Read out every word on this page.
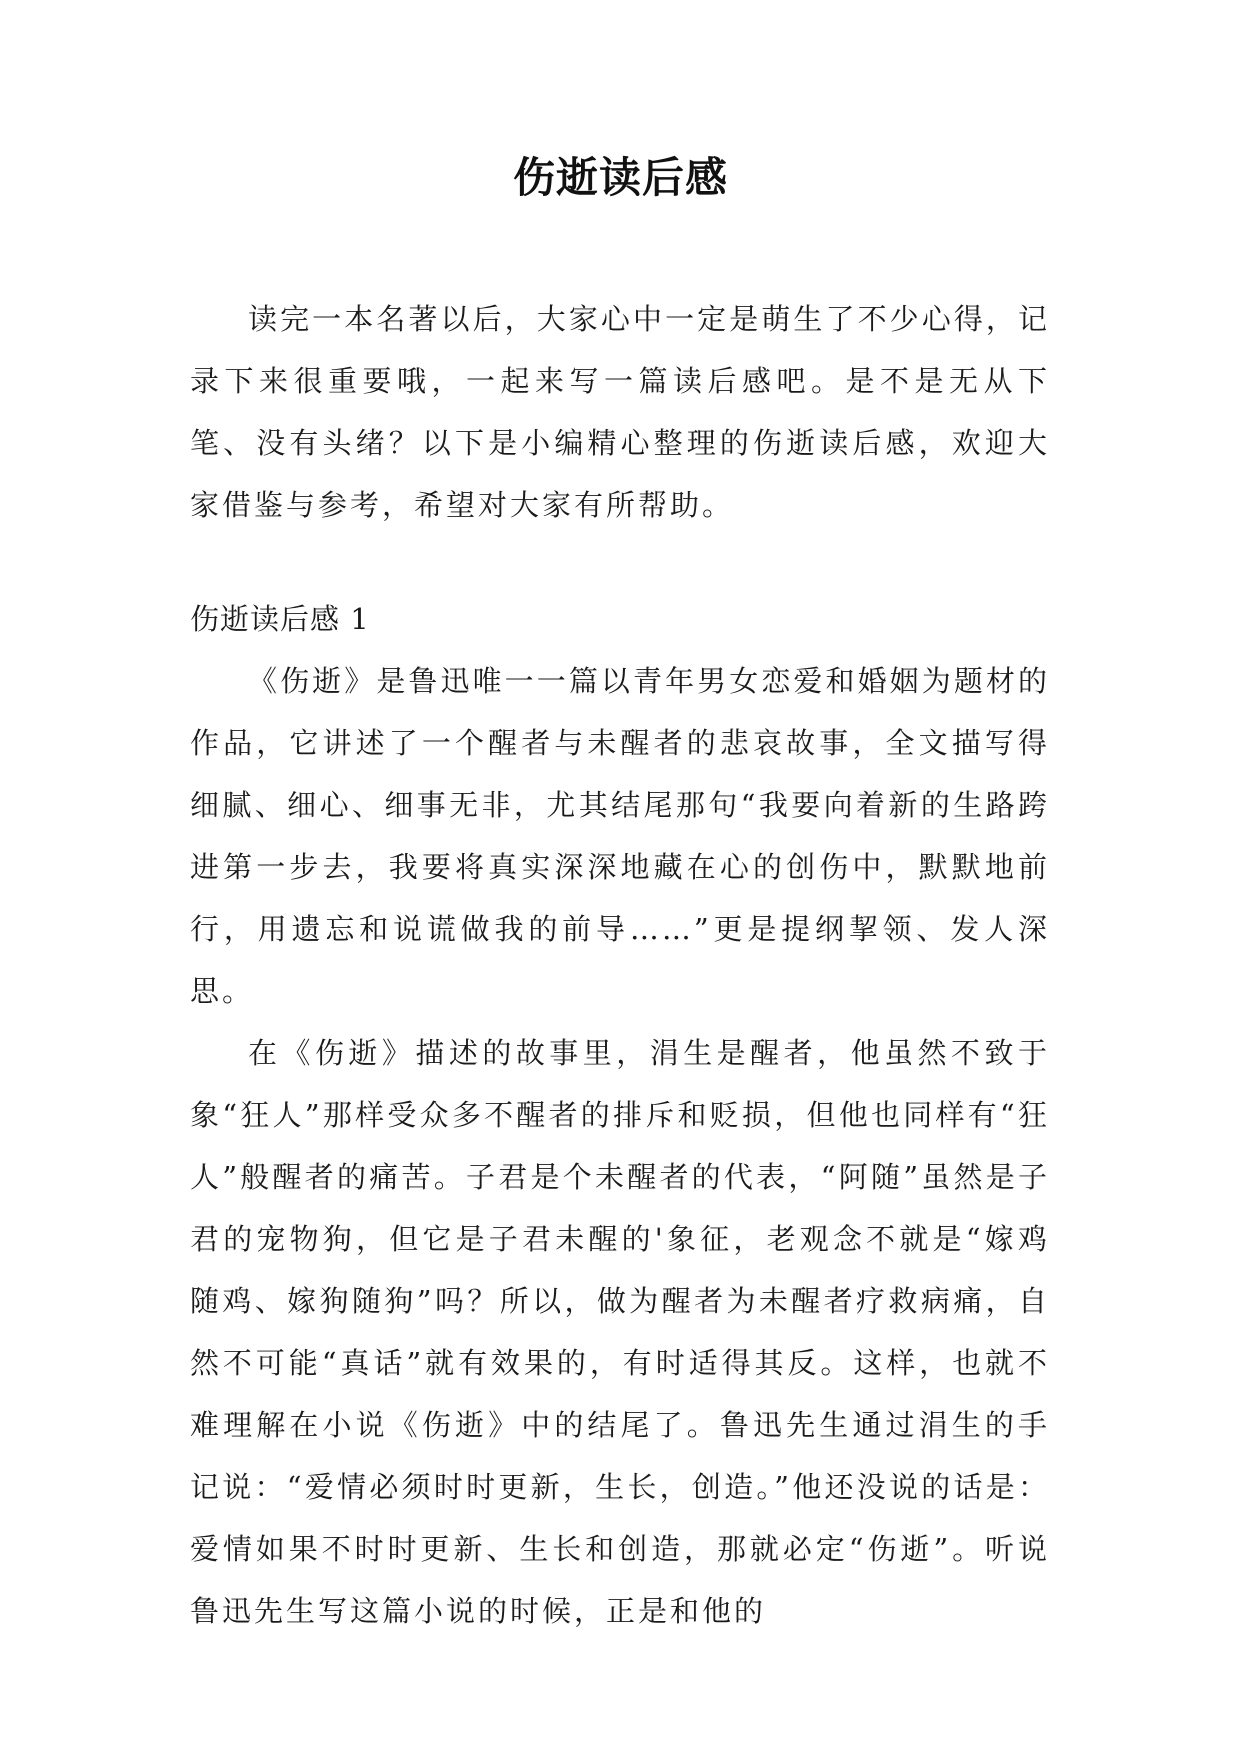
伤逝读后感

读完一本名著以后，大家心中一定是萌生了不少心得，记录下来很重要哦，一起来写一篇读后感吧。是不是无从下笔、没有头绪？以下是小编精心整理的伤逝读后感，欢迎大家借鉴与参考，希望对大家有所帮助。

伤逝读后感 1

《伤逝》是鲁迅唯一一篇以青年男女恋爱和婚姻为题材的作品，它讲述了一个醒者与未醒者的悲哀故事，全文描写得细腻、细心、细事无非，尤其结尾那句“我要向着新的生路跨进第一步去，我要将真实深深地藏在心的创伤中，默默地前行，用遗忘和说谎做我的前导……”更是提纲挈领、发人深思。

在《伤逝》描述的故事里，涓生是醒者，他虽然不致于象“狂人”那样受众多不醒者的排斥和贬损，但他也同样有“狂人”般醒者的痛苦。子君是个未醒者的代表，“阿随”虽然是子君的宠物狗，但它是子君未醒的'象征，老观念不就是“嫁鸡随鸡、嫁狗随狗”吗？所以，做为醒者为未醒者疗救病痛，自然不可能“真话”就有效果的，有时适得其反。这样，也就不难理解在小说《伤逝》中的结尾了。鲁迅先生通过涓生的手记说：“爱情必须时时更新，生长，创造。”他还没说的话是：爱情如果不时时更新、生长和创造，那就必定“伤逝”。听说鲁迅先生写这篇小说的时候，正是和他的
